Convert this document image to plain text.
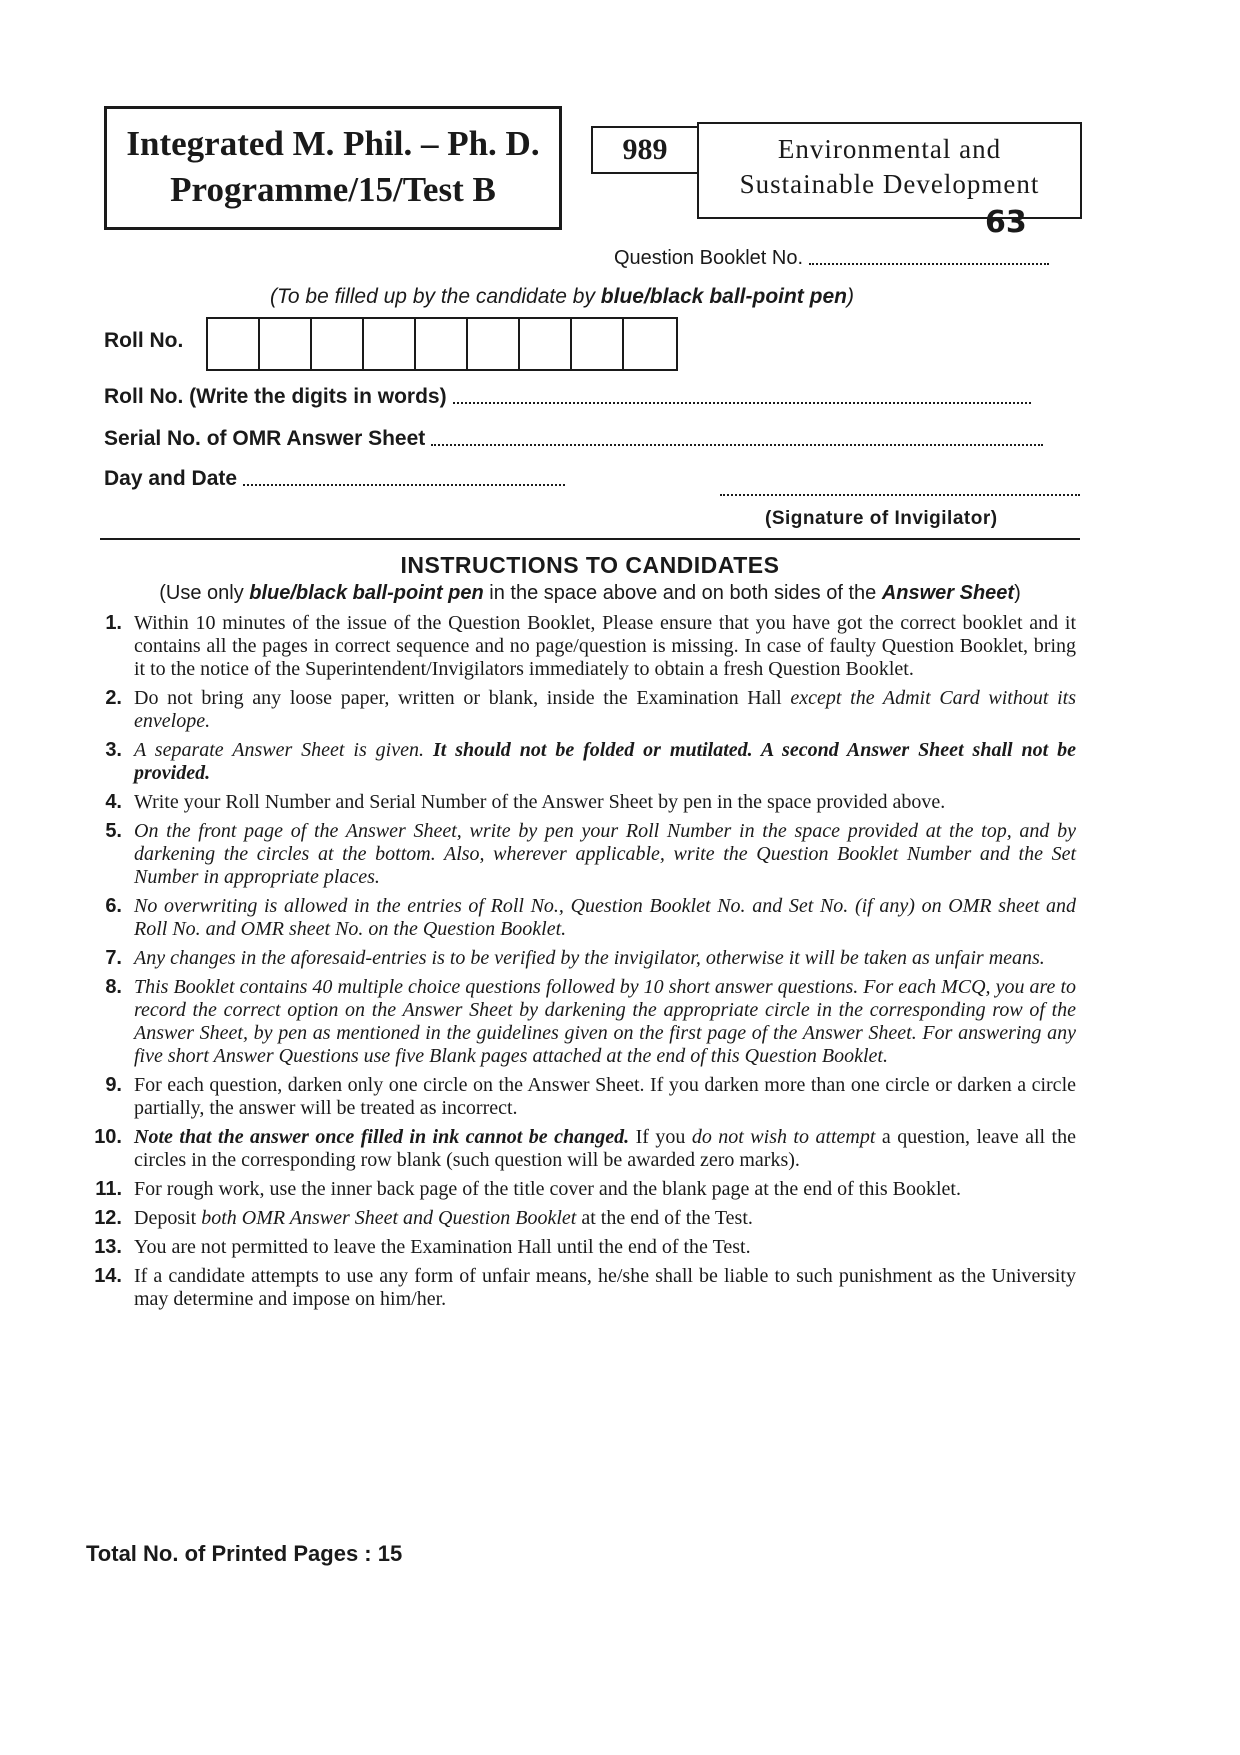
Integrated M. Phil. – Ph. D.
Programme/15/Test B
989	Environmental and
Sustainable Development
63
Question Booklet No.
(To be filled up by the candidate by blue/black ball-point pen)
Roll No.
Roll No. (Write the digits in words)
Serial No. of OMR Answer Sheet
Day and Date
(Signature of Invigilator)
INSTRUCTIONS TO CANDIDATES
(Use only blue/black ball-point pen in the space above and on both sides of the Answer Sheet)
1. Within 10 minutes of the issue of the Question Booklet, Please ensure that you have got the correct booklet and it contains all the pages in correct sequence and no page/question is missing. In case of faulty Question Booklet, bring it to the notice of the Superintendent/Invigilators immediately to obtain a fresh Question Booklet.
2. Do not bring any loose paper, written or blank, inside the Examination Hall except the Admit Card without its envelope.
3. A separate Answer Sheet is given. It should not be folded or mutilated. A second Answer Sheet shall not be provided.
4. Write your Roll Number and Serial Number of the Answer Sheet by pen in the space provided above.
5. On the front page of the Answer Sheet, write by pen your Roll Number in the space provided at the top, and by darkening the circles at the bottom. Also, wherever applicable, write the Question Booklet Number and the Set Number in appropriate places.
6. No overwriting is allowed in the entries of Roll No., Question Booklet No. and Set No. (if any) on OMR sheet and Roll No. and OMR sheet No. on the Question Booklet.
7. Any changes in the aforesaid-entries is to be verified by the invigilator, otherwise it will be taken as unfair means.
8. This Booklet contains 40 multiple choice questions followed by 10 short answer questions. For each MCQ, you are to record the correct option on the Answer Sheet by darkening the appropriate circle in the corresponding row of the Answer Sheet, by pen as mentioned in the guidelines given on the first page of the Answer Sheet. For answering any five short Answer Questions use five Blank pages attached at the end of this Question Booklet.
9. For each question, darken only one circle on the Answer Sheet. If you darken more than one circle or darken a circle partially, the answer will be treated as incorrect.
10. Note that the answer once filled in ink cannot be changed. If you do not wish to attempt a question, leave all the circles in the corresponding row blank (such question will be awarded zero marks).
11. For rough work, use the inner back page of the title cover and the blank page at the end of this Booklet.
12. Deposit both OMR Answer Sheet and Question Booklet at the end of the Test.
13. You are not permitted to leave the Examination Hall until the end of the Test.
14. If a candidate attempts to use any form of unfair means, he/she shall be liable to such punishment as the University may determine and impose on him/her.
Total No. of Printed Pages : 15
